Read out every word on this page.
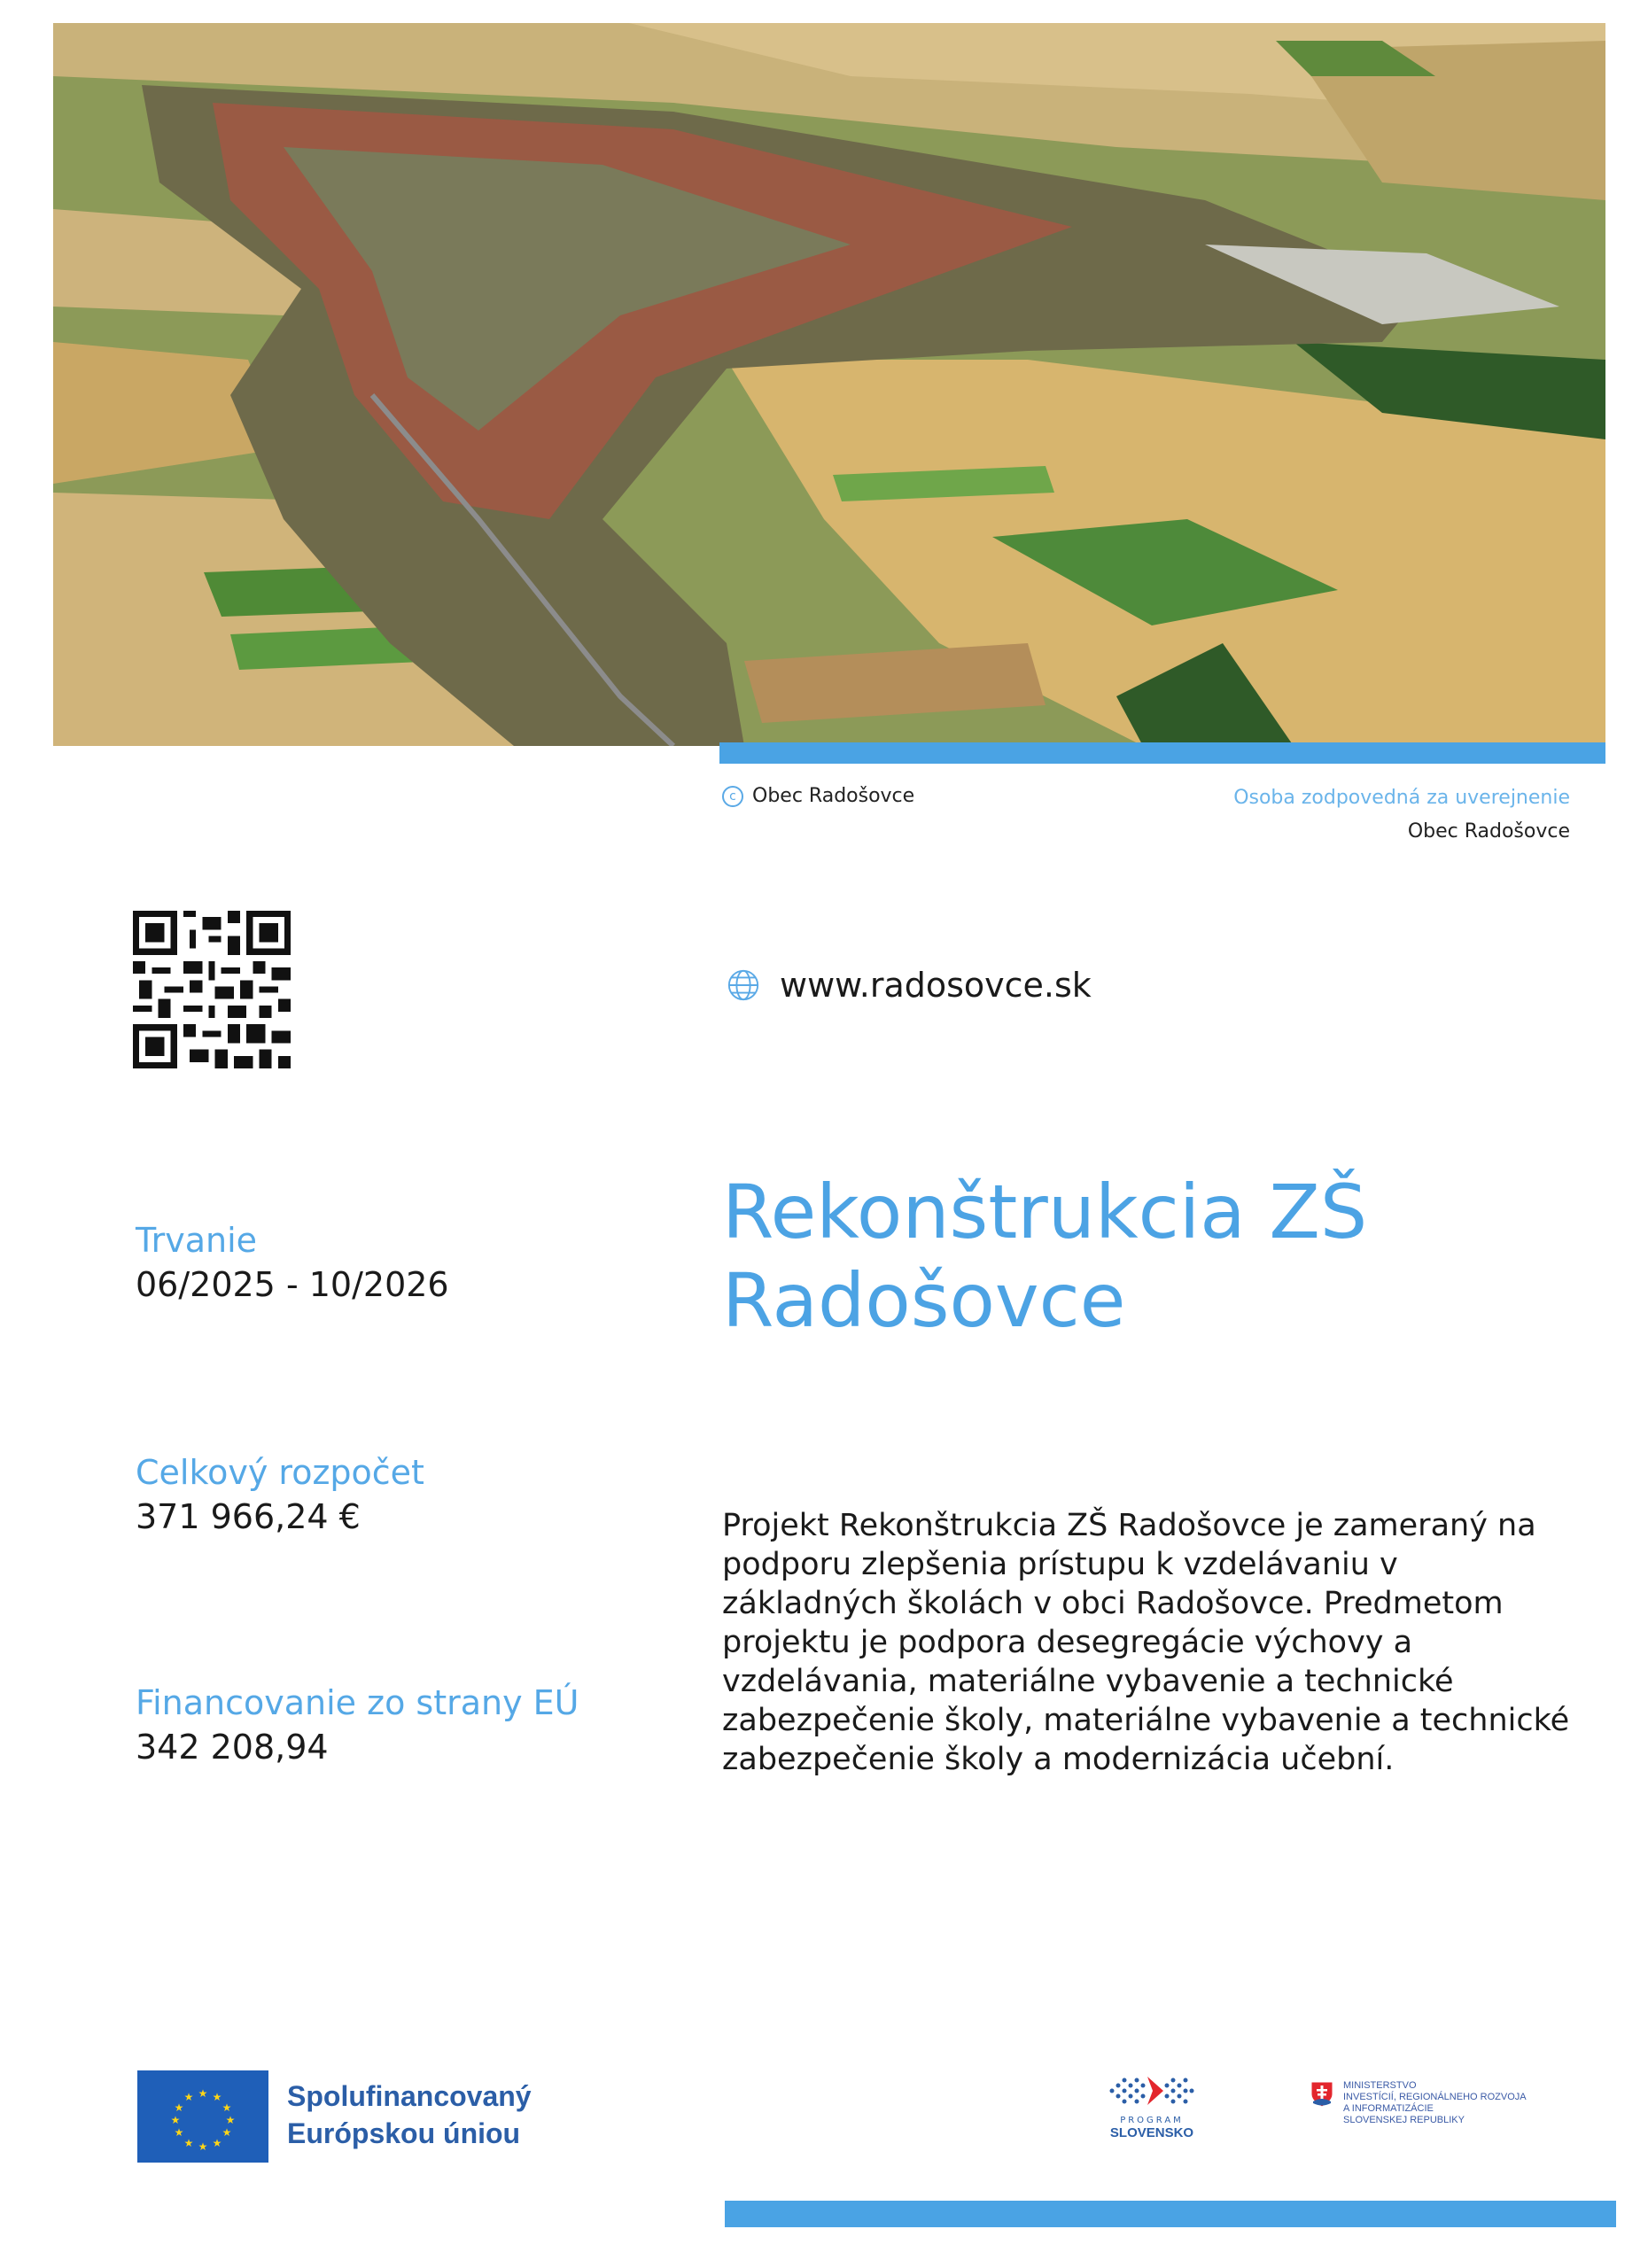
c Obec Radošovce	Osoba zodpovedná za uverejnenie
Obec Radošovce
www.radosovce.sk
Rekonštrukcia ZŠ
Radošovce
Trvanie
06/2025 - 10/2026
Celkový rozpočet
371 966,24 €
Financovanie zo strany EÚ
342 208,94
Projekt Rekonštrukcia ZŠ Radošovce je zameraný na podporu zlepšenia prístupu k vzdelávaniu v základných školách v obci Radošovce. Predmetom projektu je podpora desegregácie výchovy a vzdelávania, materiálne vybavenie a technické zabezpečenie školy, materiálne vybavenie a technické zabezpečenie školy a modernizácia učební.
★ ★
★
★
★
★
★
★
★
★
★
★	Spolufinancovaný
Európskou úniou	PROGRAM
SLOVENSKO
MINISTERSTVO
INVESTÍCIÍ, REGIONÁLNEHO ROZVOJA
A INFORMATIZÁCIE
SLOVENSKEJ REPUBLIKY
